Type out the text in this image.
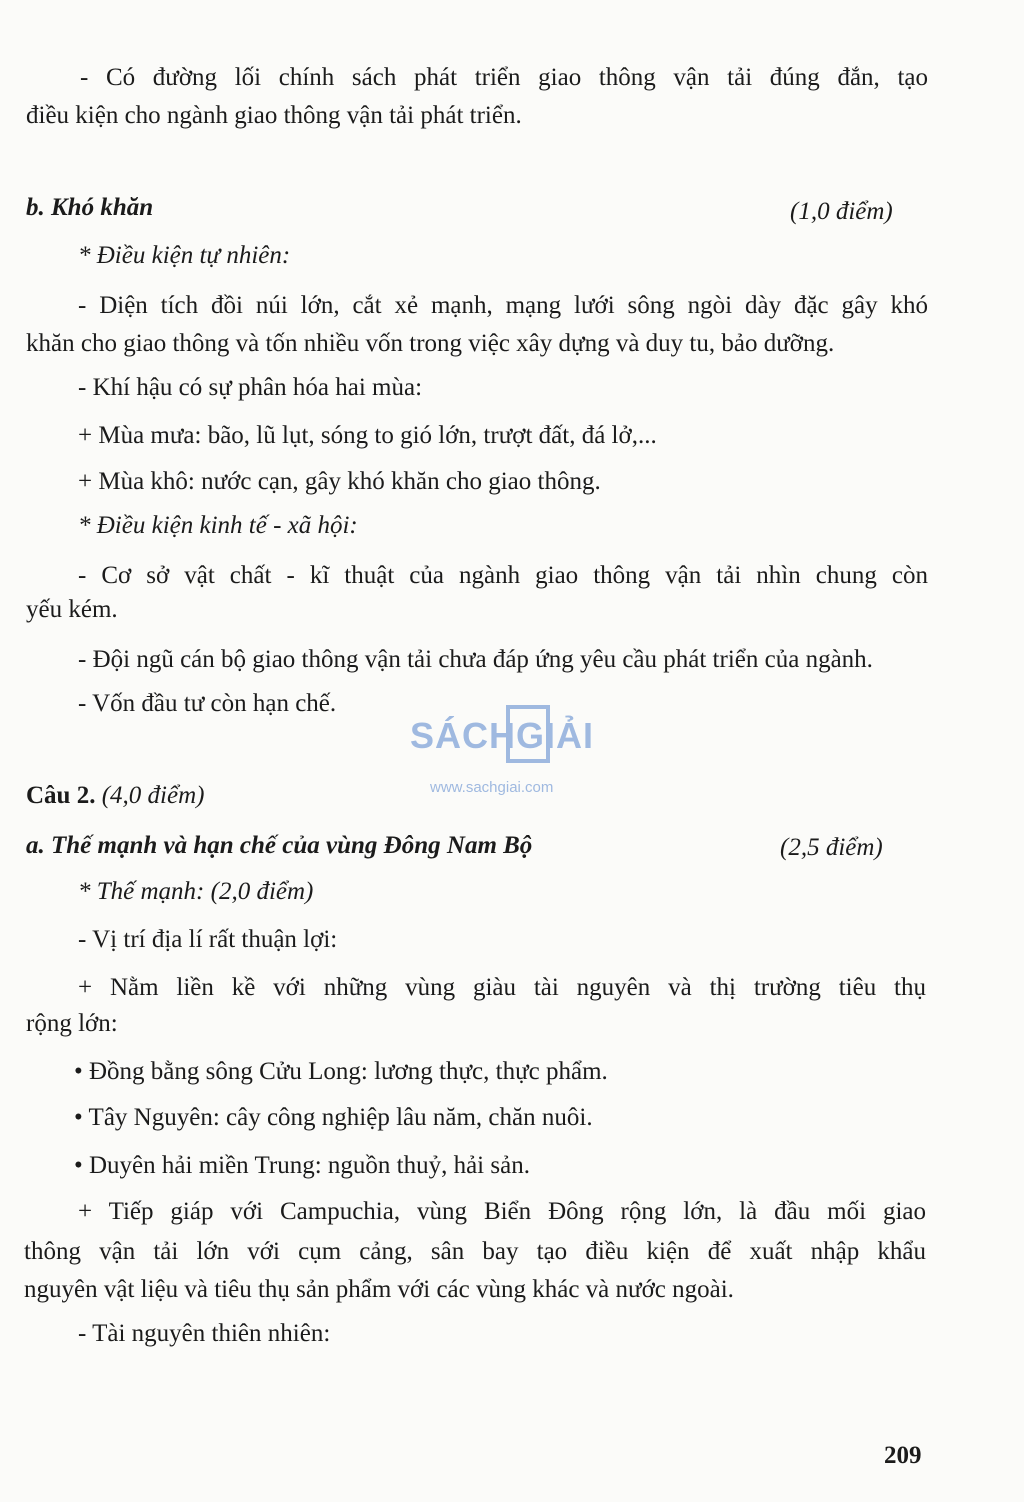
- Có đường lối chính sách phát triển giao thông vận tải đúng đắn, tạo
điều kiện cho ngành giao thông vận tải phát triển.
b. Khó khăn	(1,0 điểm)
* Điều kiện tự nhiên:
- Diện tích đồi núi lớn, cắt xẻ mạnh, mạng lưới sông ngòi dày đặc gây khó
khăn cho giao thông và tốn nhiều vốn trong việc xây dựng và duy tu, bảo dưỡng.
- Khí hậu có sự phân hóa hai mùa:
+ Mùa mưa: bão, lũ lụt, sóng to gió lớn, trượt đất, đá lở,...
+ Mùa khô: nước cạn, gây khó khăn cho giao thông.
* Điều kiện kinh tế - xã hội:
- Cơ sở vật chất - kĩ thuật của ngành giao thông vận tải nhìn chung còn
yếu kém.
- Đội ngũ cán bộ giao thông vận tải chưa đáp ứng yêu cầu phát triển của ngành.
- Vốn đầu tư còn hạn chế.
Câu 2. (4,0 điểm)
a. Thế mạnh và hạn chế của vùng Đông Nam Bộ	(2,5 điểm)
* Thế mạnh: (2,0 điểm)
- Vị trí địa lí rất thuận lợi:
+ Nằm liền kề với những vùng giàu tài nguyên và thị trường tiêu thụ
rộng lớn:
• Đồng bằng sông Cửu Long: lương thực, thực phẩm.
• Tây Nguyên: cây công nghiệp lâu năm, chăn nuôi.
• Duyên hải miền Trung: nguồn thuỷ, hải sản.
+ Tiếp giáp với Campuchia, vùng Biển Đông rộng lớn, là đầu mối giao
thông vận tải lớn với cụm cảng, sân bay tạo điều kiện để xuất nhập khẩu
nguyên vật liệu và tiêu thụ sản phẩm với các vùng khác và nước ngoài.
- Tài nguyên thiên nhiên:
SÁCHGIẢI
www.sachgiai.com
209
